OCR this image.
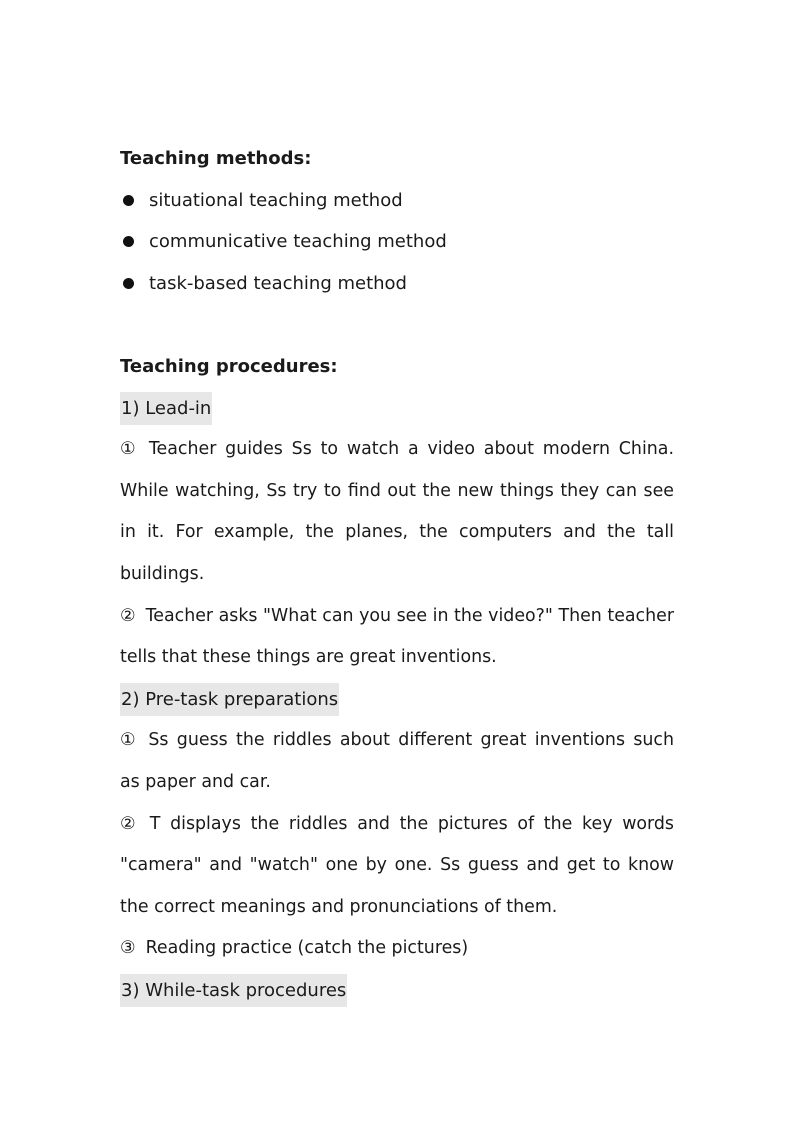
Teaching methods:
situational teaching method
communicative teaching method
task-based teaching method
Teaching procedures:
1) Lead-in
① Teacher guides Ss to watch a video about modern China. While watching, Ss try to find out the new things they can see in it. For example, the planes, the computers and the tall buildings.
② Teacher asks "What can you see in the video?" Then teacher tells that these things are great inventions.
2) Pre-task preparations
① Ss guess the riddles about different great inventions such as paper and car.
② T displays the riddles and the pictures of the key words "camera" and "watch" one by one. Ss guess and get to know the correct meanings and pronunciations of them.
③ Reading practice (catch the pictures)
3) While-task procedures
